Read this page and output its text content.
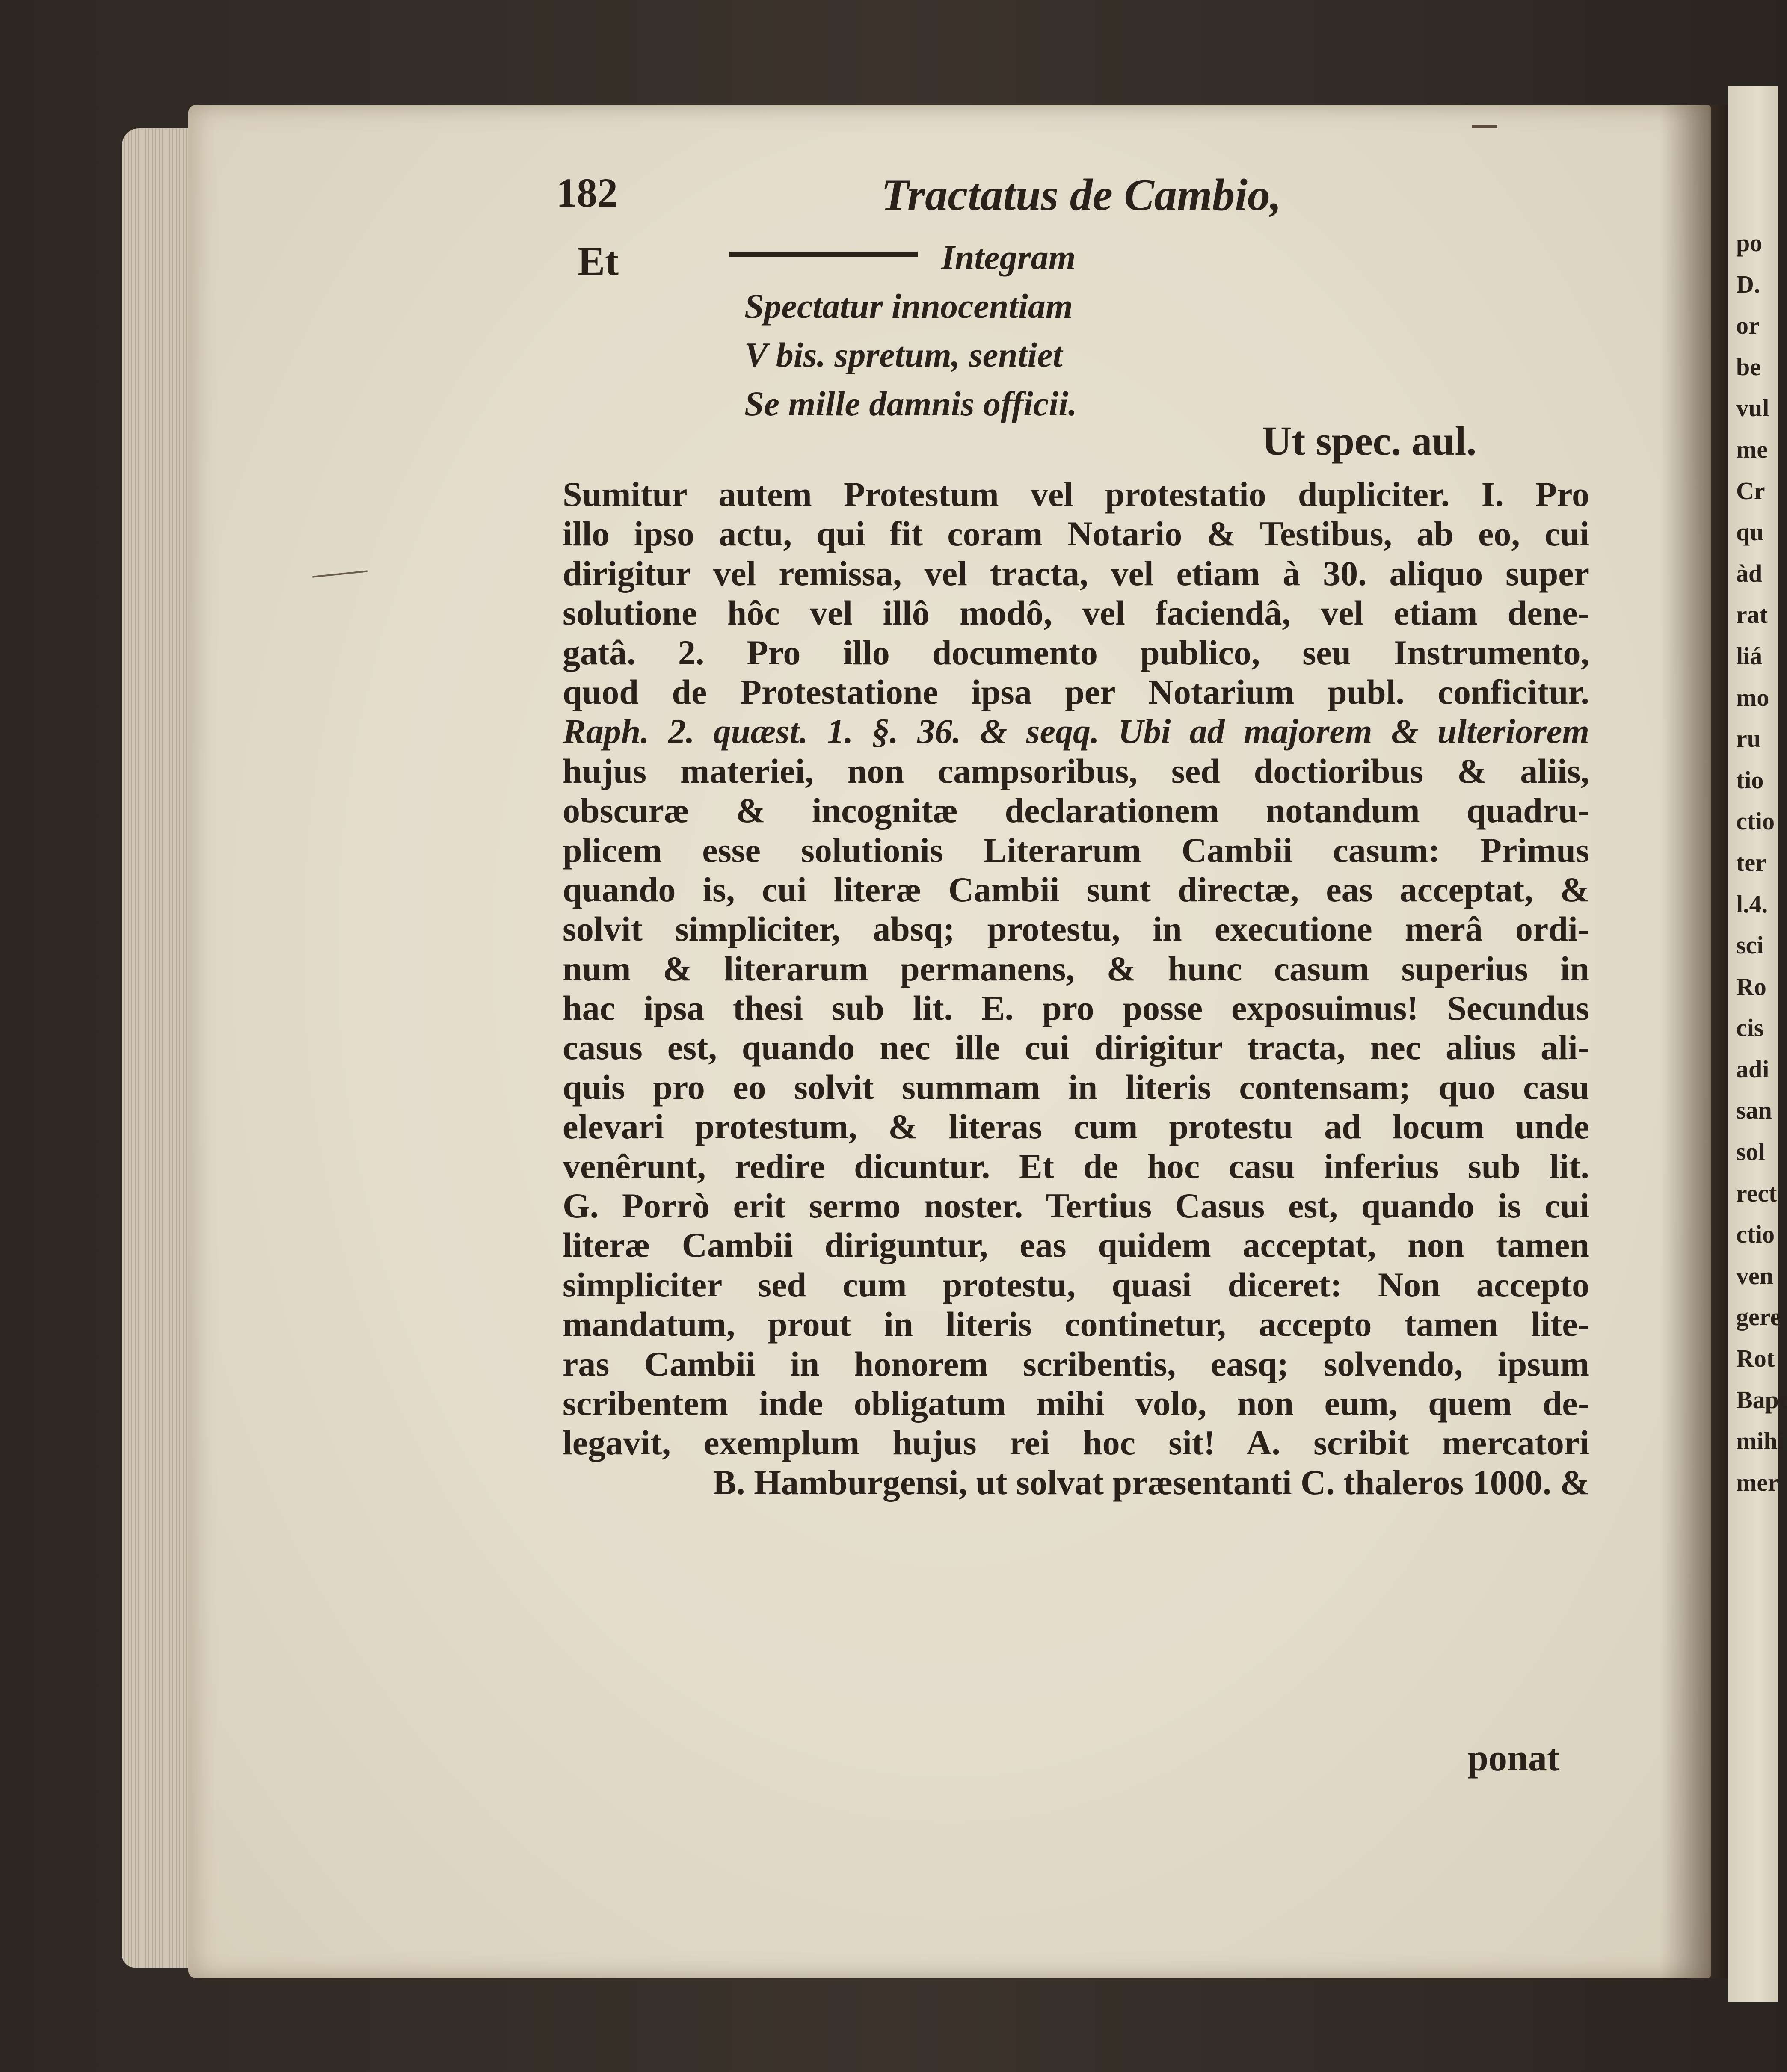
po
D.
or
be
vul
me
Cr
qu
àd
rat
liá
mo
ru
tio
ctio
ter
l.4.
sci
Ro
cis
adi
san
sol
rect
ctio
ven
gere
Rot
Bapt
mihi
mer
182	Tractatus de Cambio,
Et	Integram
Spectatur innocentiam
V bis. spretum, sentiet
Se mille damnis officii.
Ut spec. aul.
Sumitur autem Protestum vel protestatio dupliciter. I. Pro
illo ipso actu, qui fit coram Notario & Testibus, ab eo, cui
dirigitur vel remissa, vel tracta, vel etiam à 30. aliquo super
solutione hôc vel illô modô, vel faciendâ, vel etiam dene-
gatâ. 2. Pro illo documento publico, seu Instrumento,
quod de Protestatione ipsa per Notarium publ. conficitur.
Raph. 2. quæst. 1. §. 36. & seqq. Ubi ad majorem & ulteriorem
hujus materiei, non campsoribus, sed doctioribus & aliis,
obscuræ & incognitæ declarationem notandum quadru-
plicem esse solutionis Literarum Cambii casum: Primus
quando is, cui literæ Cambii sunt directæ, eas acceptat, &
solvit simpliciter, absq; protestu, in executione merâ ordi-
num & literarum permanens, & hunc casum superius in
hac ipsa thesi sub lit. E. pro posse exposuimus! Secundus
casus est, quando nec ille cui dirigitur tracta, nec alius ali-
quis pro eo solvit summam in literis contensam; quo casu
elevari protestum, & literas cum protestu ad locum unde
venêrunt, redire dicuntur. Et de hoc casu inferius sub lit.
G. Porrò erit sermo noster. Tertius Casus est, quando is cui
literæ Cambii diriguntur, eas quidem acceptat, non tamen
simpliciter sed cum protestu, quasi diceret: Non accepto
mandatum, prout in literis continetur, accepto tamen lite-
ras Cambii in honorem scribentis, easq; solvendo, ipsum
scribentem inde obligatum mihi volo, non eum, quem de-
legavit, exemplum hujus rei hoc sit! A. scribit mercatori
B. Hamburgensi, ut solvat præsentanti C. thaleros 1000. &
ponat
